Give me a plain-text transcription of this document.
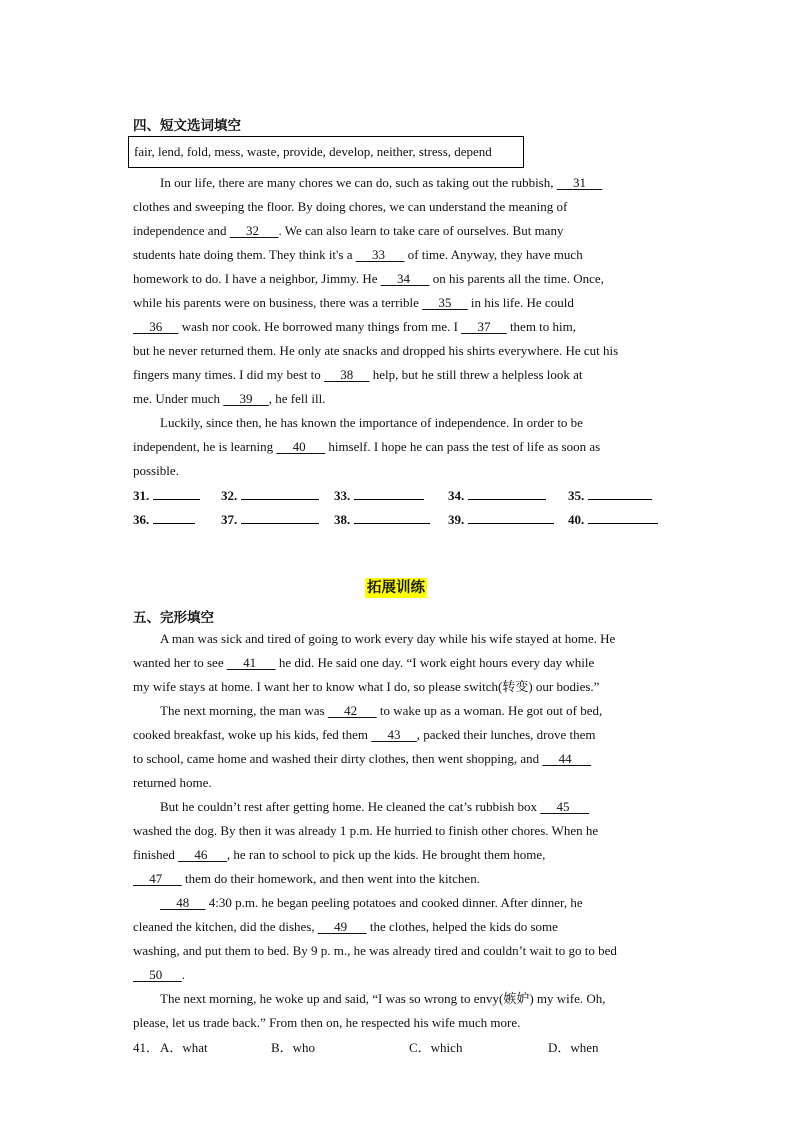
四、短文选词填空
fair, lend, fold, mess, waste, provide, develop, neither, stress, depend
In our life, there are many chores we can do, such as taking out the rubbish,      31
clothes and sweeping the floor. By doing chores, we can understand the meaning of
independence and      32      . We can also learn to take care of ourselves. But many
students hate doing them. They think it's a      33       of time. Anyway, they have much
homework to do. I have a neighbor, Jimmy. He      34       on his parents all the time. Once,
while his parents were on business, there was a terrible      35      in his life. He could
36      wash nor cook. He borrowed many things from me. I      37      them to him,
but he never returned them. He only ate snacks and dropped his shirts everywhere. He cut his
fingers many times. I did my best to      38      help, but he still threw a helpless look at
me. Under much      39     , he fell ill.
Luckily, since then, he has known the importance of independence. In order to be
independent, he is learning      40       himself. I hope he can pass the test of life as soon as
possible.
31.	32.	33.	34.	35.
36.	37.	38.	39.	40.
拓展训练
五、完形填空
A man was sick and tired of going to work every day while his wife stayed at home. He
wanted her to see      41       he did. He said one day. “I work eight hours every day while
my wife stays at home. I want her to know what I do, so please switch(转变) our bodies.”
The next morning, the man was      42       to wake up as a woman. He got out of bed,
cooked breakfast, woke up his kids, fed them      43     , packed their lunches, drove them
to school, came home and washed their dirty clothes, then went shopping, and      44
returned home.
But he couldn’t rest after getting home. He cleaned the cat’s rubbish box      45
washed the dog. By then it was already 1 p.m. He hurried to finish other chores. When he
finished      46      , he ran to school to pick up the kids. He brought them home,
47       them do their homework, and then went into the kitchen.
48      4:30 p.m. he began peeling potatoes and cooked dinner. After dinner, he
cleaned the kitchen, did the dishes,      49       the clothes, helped the kids do some
washing, and put them to bed. By 9 p. m., he was already tired and couldn’t wait to go to bed
50      .
The next morning, he woke up and said, “I was so wrong to envy(嫉妒) my wife. Oh,
please, let us trade back.” From then on, he respected his wife much more.
41． A．what	B．who	C．which	D．when
